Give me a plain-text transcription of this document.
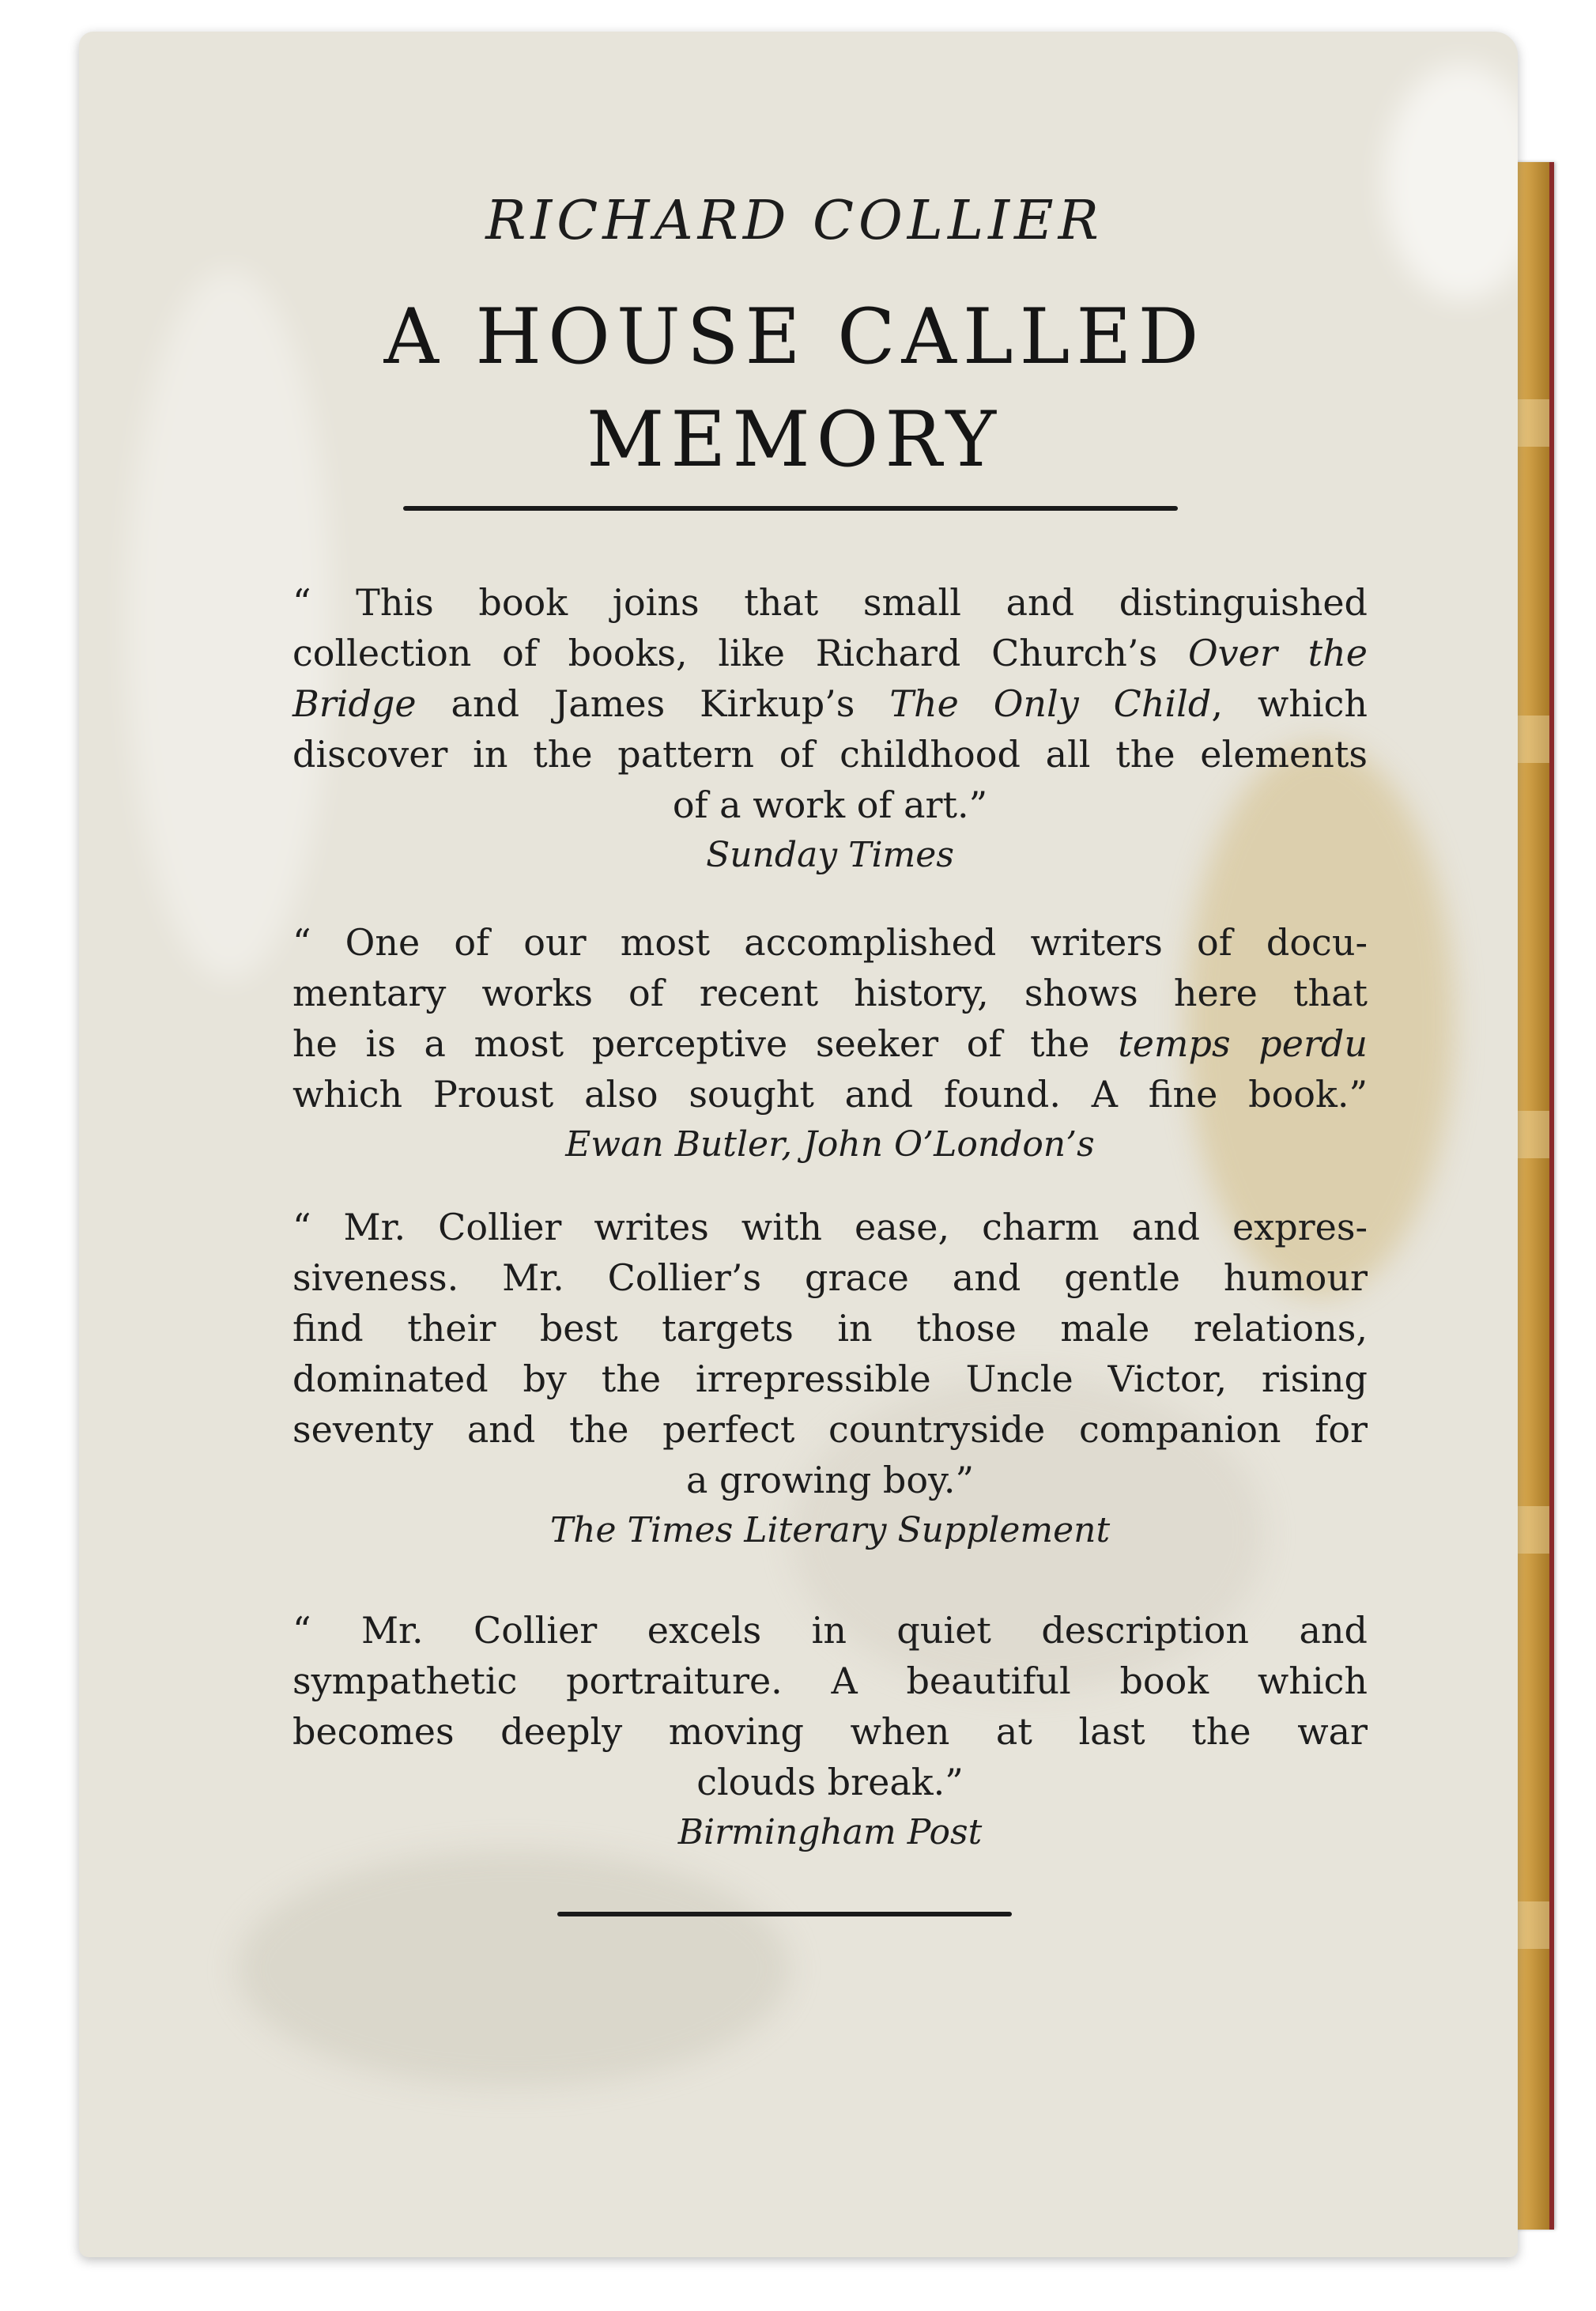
RICHARD COLLIER
A HOUSE CALLED
MEMORY
“ This book joins that small and distinguished
collection of books, like Richard Church’s Over the
Bridge and James Kirkup’s The Only Child, which
discover in the pattern of childhood all the elements
of a work of art.”
Sunday Times
“ One of our most accomplished writers of docu-
mentary works of recent history, shows here that
he is a most perceptive seeker of the temps perdu
which Proust also sought and found. A fine book.”
Ewan Butler, John O’London’s
“ Mr. Collier writes with ease, charm and expres-
siveness. Mr. Collier’s grace and gentle humour
find their best targets in those male relations,
dominated by the irrepressible Uncle Victor, rising
seventy and the perfect countryside companion for
a growing boy.”
The Times Literary Supplement
“ Mr. Collier excels in quiet description and
sympathetic portraiture. A beautiful book which
becomes deeply moving when at last the war
clouds break.”
Birmingham Post
